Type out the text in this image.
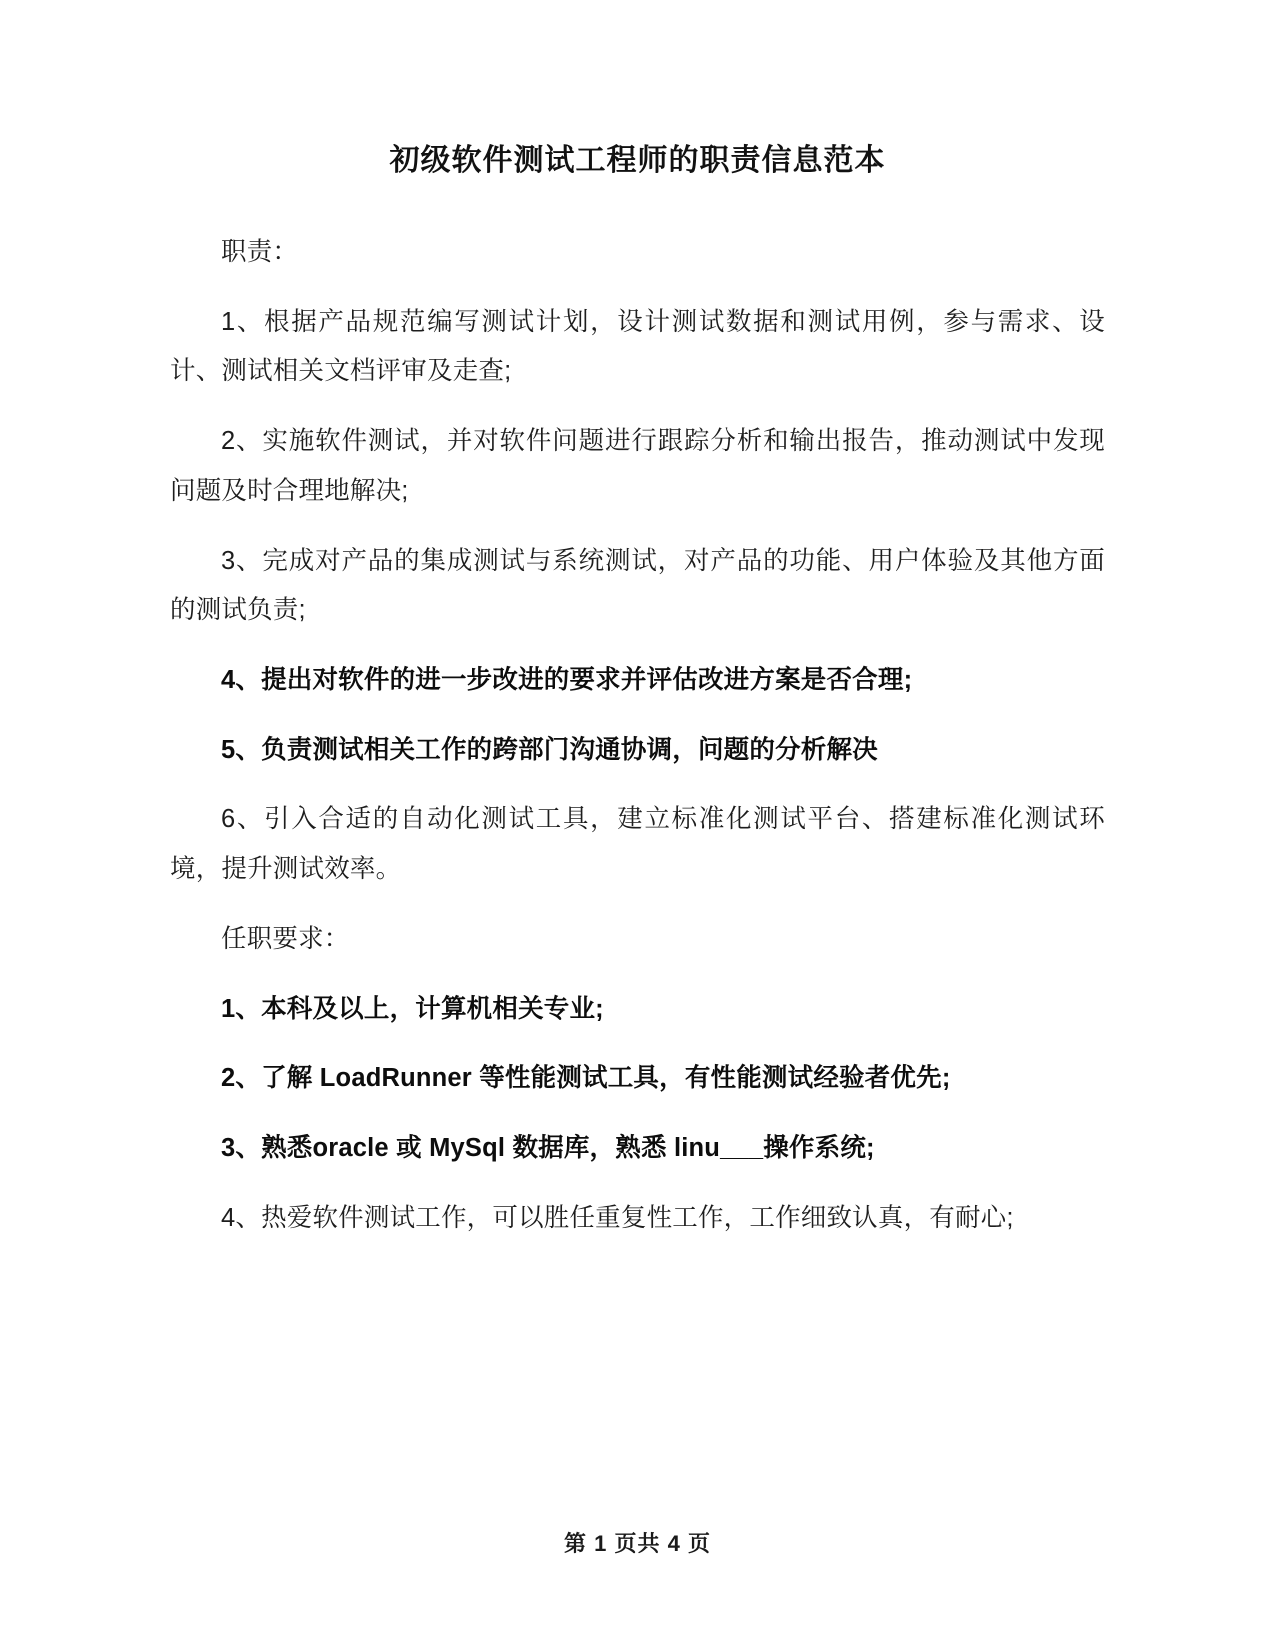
初级软件测试工程师的职责信息范本

职责：

1、根据产品规范编写测试计划，设计测试数据和测试用例，参与需求、设计、测试相关文档评审及走查;

2、实施软件测试，并对软件问题进行跟踪分析和输出报告，推动测试中发现问题及时合理地解决;

3、完成对产品的集成测试与系统测试，对产品的功能、用户体验及其他方面的测试负责;

4、提出对软件的进一步改进的要求并评估改进方案是否合理;

5、负责测试相关工作的跨部门沟通协调，问题的分析解决

6、引入合适的自动化测试工具，建立标准化测试平台、搭建标准化测试环境，提升测试效率。

任职要求：

1、本科及以上，计算机相关专业;

2、了解 LoadRunner 等性能测试工具，有性能测试经验者优先;

3、熟悉oracle 或 MySql 数据库，熟悉 linu___操作系统;

4、热爱软件测试工作，可以胜任重复性工作，工作细致认真，有耐心;

第 1 页共 4 页
